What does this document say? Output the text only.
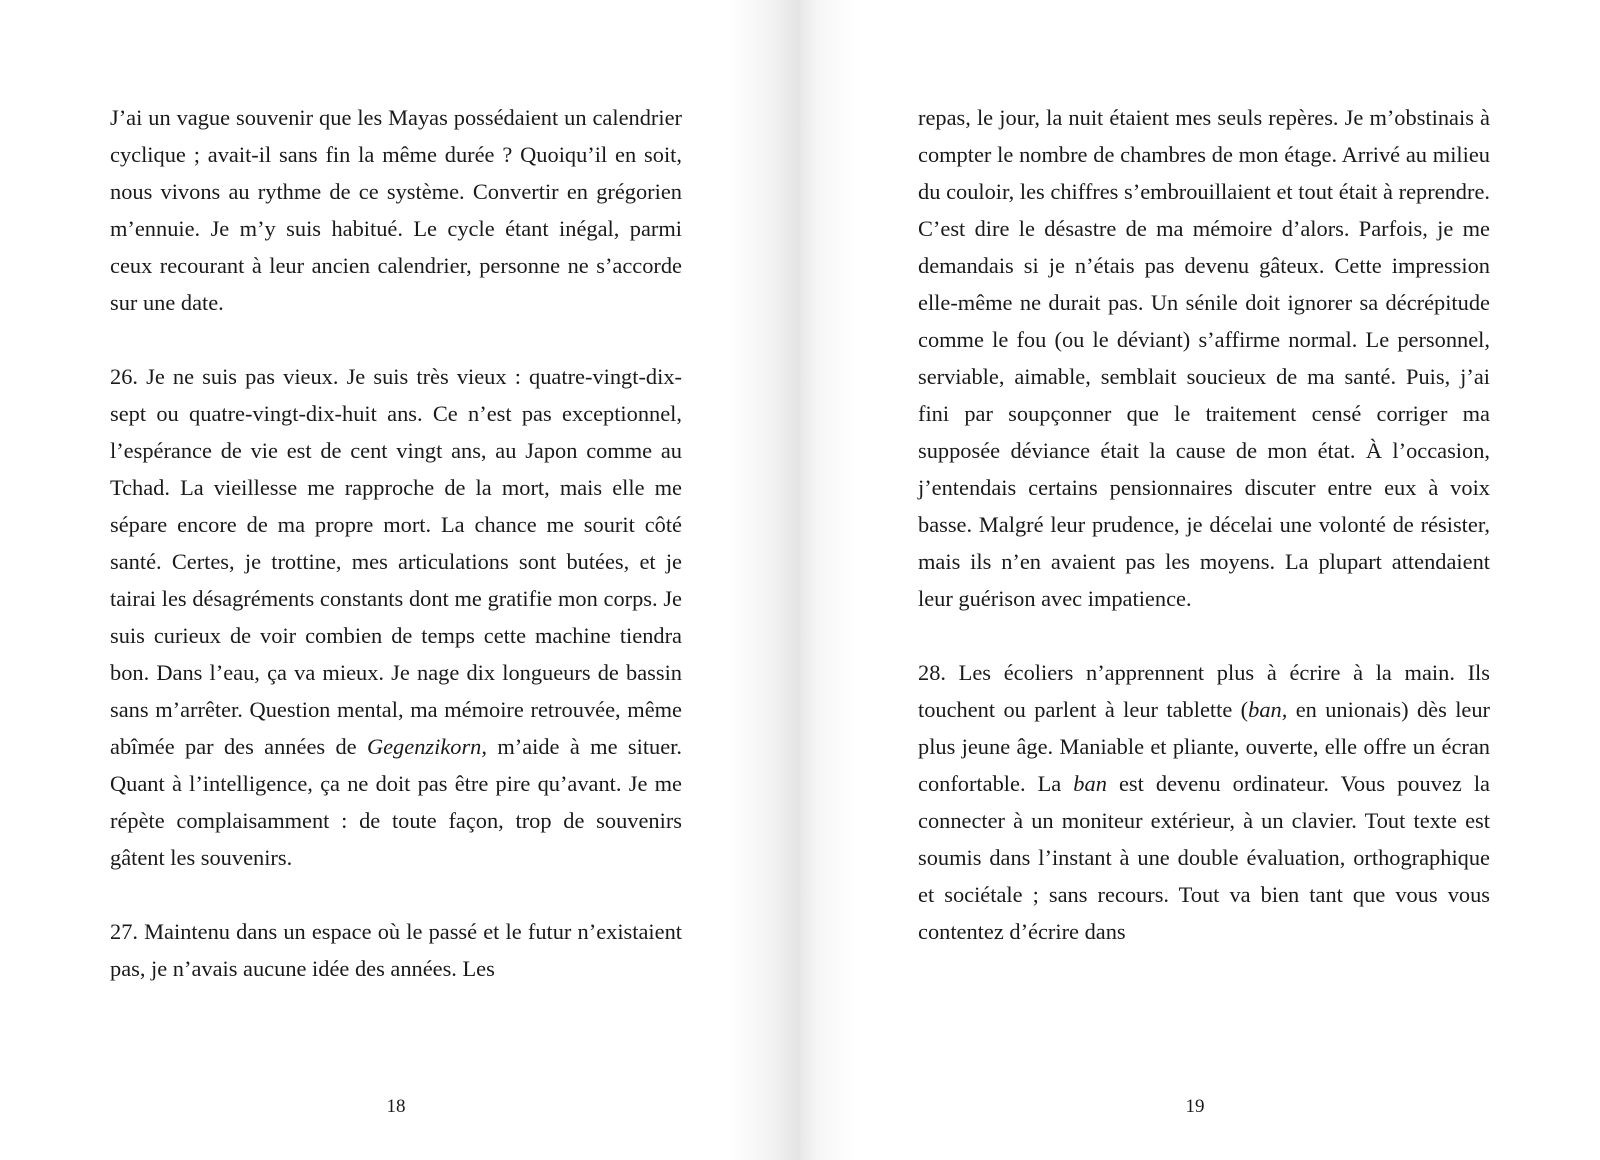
J’ai un vague souvenir que les Mayas possédaient un calendrier cyclique ; avait-il sans fin la même durée ? Quoiqu’il en soit, nous vivons au rythme de ce système. Convertir en grégorien m’ennuie. Je m’y suis habitué. Le cycle étant inégal, parmi ceux recourant à leur ancien calendrier, personne ne s’accorde sur une date.

26. Je ne suis pas vieux. Je suis très vieux : quatre-vingt-dix-sept ou quatre-vingt-dix-huit ans. Ce n’est pas exceptionnel, l’espérance de vie est de cent vingt ans, au Japon comme au Tchad. La vieillesse me rapproche de la mort, mais elle me sépare encore de ma propre mort. La chance me sourit côté santé. Certes, je trottine, mes articulations sont butées, et je tairai les désagréments constants dont me gratifie mon corps. Je suis curieux de voir combien de temps cette machine tiendra bon. Dans l’eau, ça va mieux. Je nage dix longueurs de bassin sans m’arrêter. Question mental, ma mémoire retrouvée, même abîmée par des années de Gegenzikorn, m’aide à me situer. Quant à l’intelligence, ça ne doit pas être pire qu’avant. Je me répète complaisamment : de toute façon, trop de souvenirs gâtent les souvenirs.

27. Maintenu dans un espace où le passé et le futur n’existaient pas, je n’avais aucune idée des années. Les

18

repas, le jour, la nuit étaient mes seuls repères. Je m’obstinais à compter le nombre de chambres de mon étage. Arrivé au milieu du couloir, les chiffres s’embrouillaient et tout était à reprendre. C’est dire le désastre de ma mémoire d’alors. Parfois, je me demandais si je n’étais pas devenu gâteux. Cette impression elle-même ne durait pas. Un sénile doit ignorer sa décrépitude comme le fou (ou le déviant) s’affirme normal. Le personnel, serviable, aimable, semblait soucieux de ma santé. Puis, j’ai fini par soupçonner que le traitement censé corriger ma supposée déviance était la cause de mon état. À l’occasion, j’entendais certains pensionnaires discuter entre eux à voix basse. Malgré leur prudence, je décelai une volonté de résister, mais ils n’en avaient pas les moyens. La plupart attendaient leur guérison avec impatience.

28. Les écoliers n’apprennent plus à écrire à la main. Ils touchent ou parlent à leur tablette (ban, en unionais) dès leur plus jeune âge. Maniable et pliante, ouverte, elle offre un écran confortable. La ban est devenu ordinateur. Vous pouvez la connecter à un moniteur extérieur, à un clavier. Tout texte est soumis dans l’instant à une double évaluation, orthographique et sociétale ; sans recours. Tout va bien tant que vous vous contentez d’écrire dans

19
